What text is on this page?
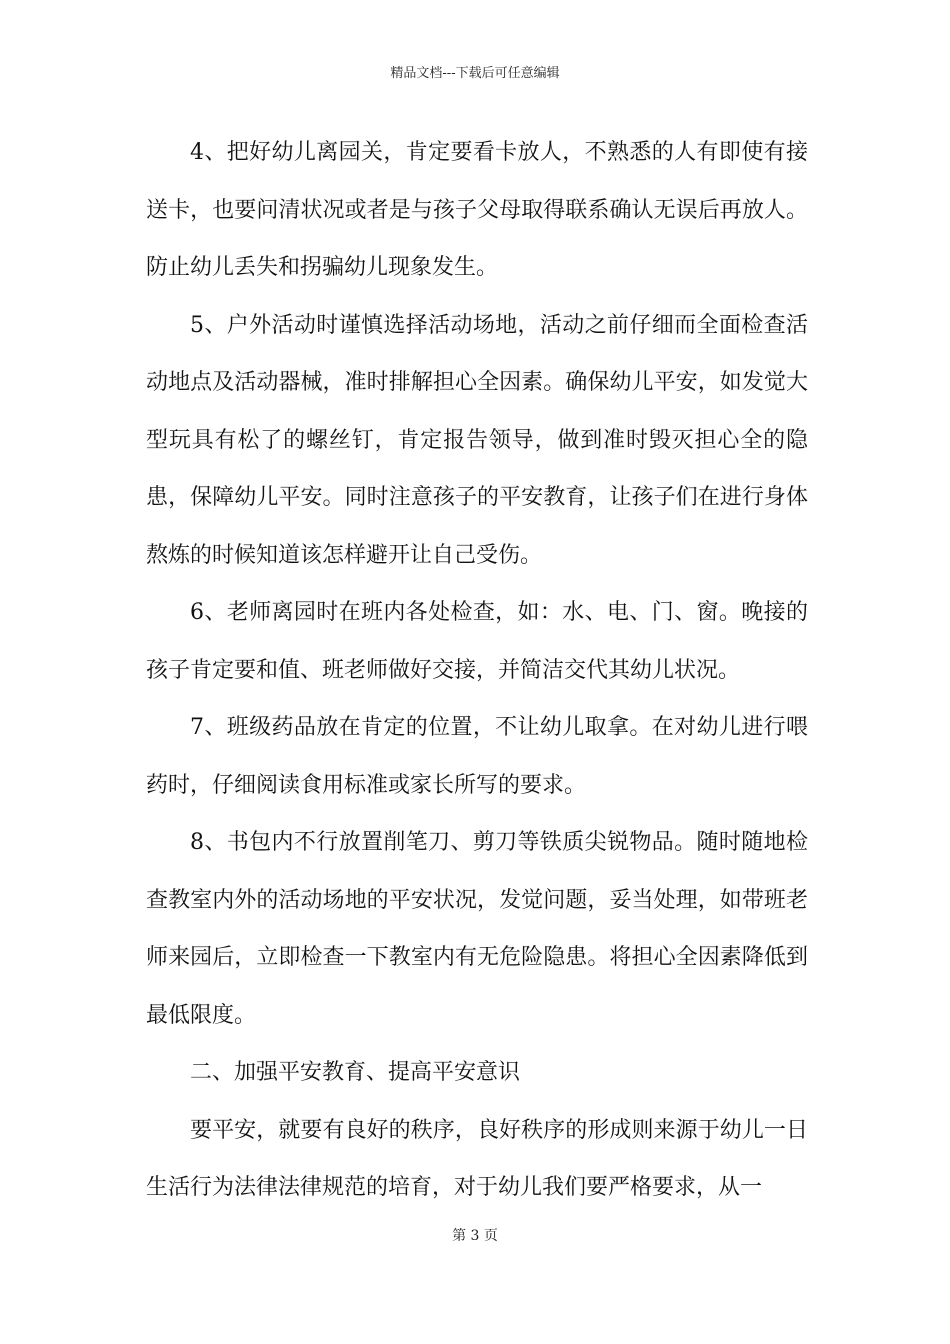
精品文档---下载后可任意编辑

4、把好幼儿离园关，肯定要看卡放人，不熟悉的人有即使有接送卡，也要问清状况或者是与孩子父母取得联系确认无误后再放人。防止幼儿丢失和拐骗幼儿现象发生。

5、户外活动时谨慎选择活动场地，活动之前仔细而全面检查活动地点及活动器械，准时排解担心全因素。确保幼儿平安，如发觉大型玩具有松了的螺丝钉，肯定报告领导，做到准时毁灭担心全的隐患，保障幼儿平安。同时注意孩子的平安教育，让孩子们在进行身体熬炼的时候知道该怎样避开让自己受伤。

6、老师离园时在班内各处检查，如：水、电、门、窗。晚接的孩子肯定要和值、班老师做好交接，并简洁交代其幼儿状况。

7、班级药品放在肯定的位置，不让幼儿取拿。在对幼儿进行喂药时，仔细阅读食用标准或家长所写的要求。

8、书包内不行放置削笔刀、剪刀等铁质尖锐物品。随时随地检查教室内外的活动场地的平安状况，发觉问题，妥当处理，如带班老师来园后，立即检查一下教室内有无危险隐患。将担心全因素降低到最低限度。

二、加强平安教育、提高平安意识

要平安，就要有良好的秩序，良好秩序的形成则来源于幼儿一日生活行为法律法律规范的培育，对于幼儿我们要严格要求，从一

第 3 页
